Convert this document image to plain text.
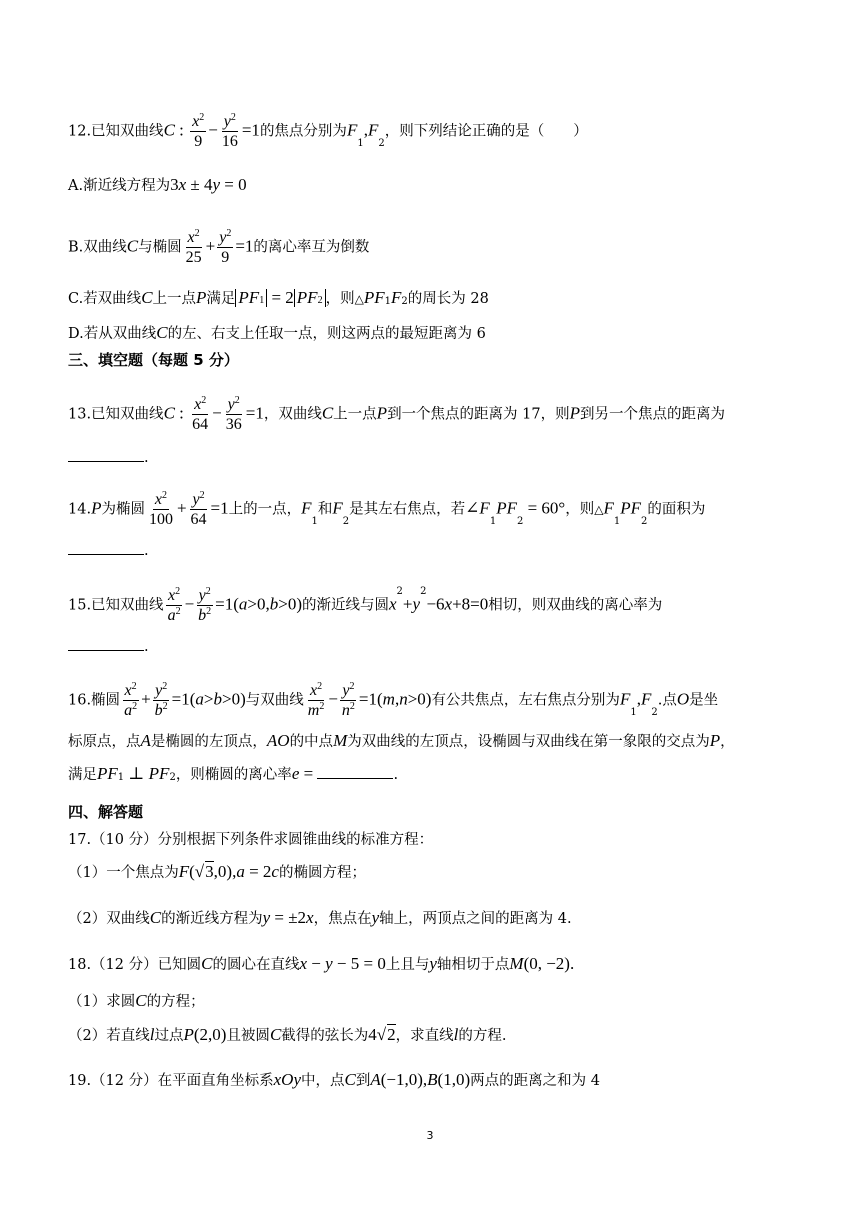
12.已知双曲线C : $\frac{x^2}{9} - \frac{y^2}{16} =1$的焦点分别为$F_1,F_2$，则下列结论正确的是（　　）
A.渐近线方程为3x ± 4y = 0
B.双曲线C与椭圆 $\frac{x^2}{25} + \frac{y^2}{9} =1$的离心率互为倒数
C.若双曲线C上一点P满足 PF1 = 2 PF2 ，则$\triangle PF_1F_2$的周长为 28
D.若从双曲线C的左、右支上任取一点，则这两点的最短距离为 6
三、填空题（每题 5 分）
13.已知双曲线C : $\frac{x^2}{64} - \frac{y^2}{36} =1$，双曲线C上一点P到一个焦点的距离为 17，则P到另一个焦点的距离为
.
14.P为椭圆 $\frac{x^2}{100} + \frac{y^2}{64} =1$上的一点，$F_1$和$F_2$是其左右焦点，若$\angle F_1PF_2 = 60^\circ$，则$\triangle F_1PF_2$的面积为
.
15.已知双曲线 $\frac{x^2}{a^2} - \frac{y^2}{b^2} =1(a>0,b>0)$的渐近线与圆$x^2+y^2-6x+8=0$相切，则双曲线的离心率为
.
16.椭圆 $\frac{x^2}{a^2} + \frac{y^2}{b^2} =1(a>b>0)$与双曲线 $\frac{x^2}{m^2} - \frac{y^2}{n^2} =1(m,n>0)$有公共焦点，左右焦点分别为$F_1,F_2$.点O是坐
标原点，点A是椭圆的左顶点，AO的中点M为双曲线的左顶点，设椭圆与双曲线在第一象限的交点为P，
满足$PF_1$ ⊥ $PF_2$，则椭圆的离心率e =	.
四、解答题
17.（10 分）分别根据下列条件求圆锥曲线的标准方程：
（1）一个焦点为F(√3,0),a = 2c的椭圆方程；
（2）双曲线C的渐近线方程为y = ±2x，焦点在y轴上，两顶点之间的距离为 4.
18.（12 分）已知圆C的圆心在直线x − y − 5 = 0上且与y轴相切于点M(0, −2).
（1）求圆C的方程；
（2）若直线l过点P(2,0)且被圆C截得的弦长为4√2，求直线l的方程.
19.（12 分）在平面直角坐标系xOy中，点C到A(−1,0),B(1,0)两点的距离之和为 4
3
